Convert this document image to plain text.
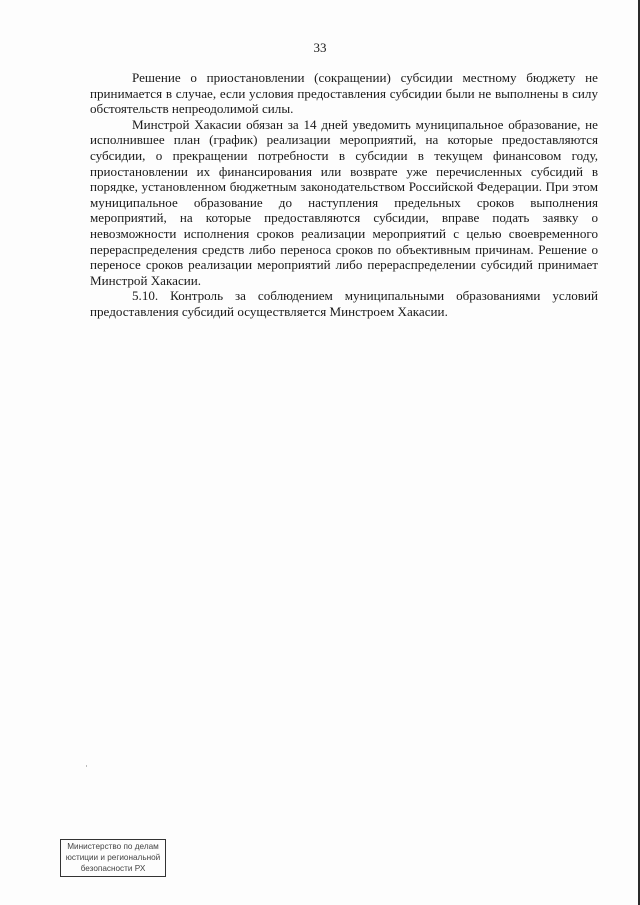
33

Решение о приостановлении (сокращении) субсидии местному бюджету не принимается в случае, если условия предоставления субсидии были не выполнены в силу обстоятельств непреодолимой силы.

Минстрой Хакасии обязан за 14 дней уведомить муниципальное образование, не исполнившее план (график) реализации мероприятий, на которые предоставляются субсидии, о прекращении потребности в субсидии в текущем финансовом году, приостановлении их финансирования или возврате уже перечисленных субсидий в порядке, установленном бюджетным законодательством Российской Федерации. При этом муниципальное образование до наступления предельных сроков выполнения мероприятий, на которые предоставляются субсидии, вправе подать заявку о невозможности исполнения сроков реализации мероприятий с целью своевременного перераспределения средств либо переноса сроков по объективным причинам. Решение о переносе сроков реализации мероприятий либо перераспределении субсидий принимает Минстрой Хакасии.

5.10. Контроль за соблюдением муниципальными образованиями условий предоставления субсидий осуществляется Минстроем Хакасии.

Министерство по делам
юстиции и региональной
безопасности РХ
